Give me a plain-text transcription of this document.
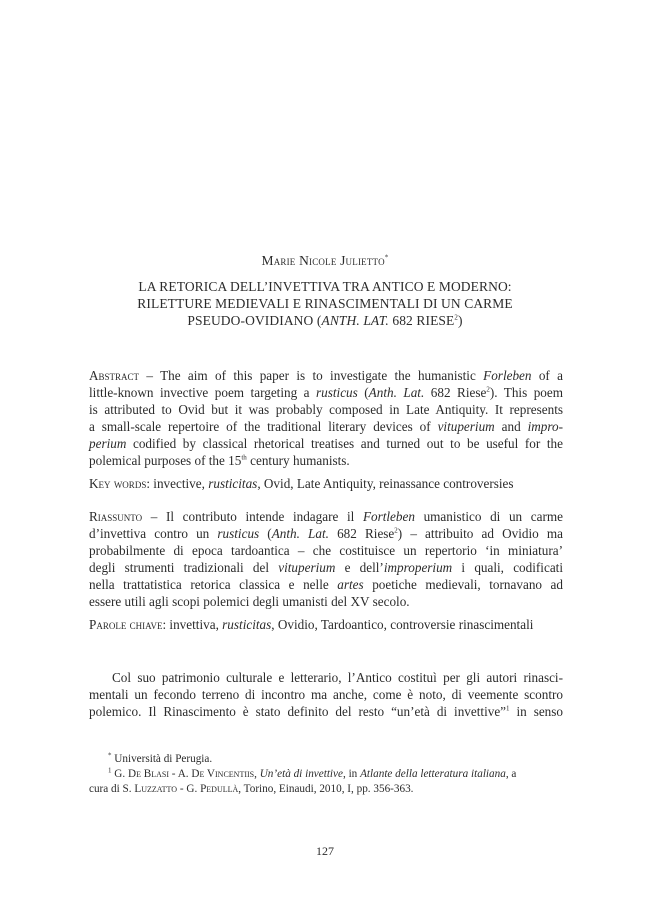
Marie Nicole Julietto*
LA RETORICA DELL’INVETTIVA TRA ANTICO E MODERNO:
RILETTURE MEDIEVALI E RINASCIMENTALI DI UN CARME
PSEUDO-OVIDIANO (ANTH. LAT. 682 RIESE$^2$)
Abstract – The aim of this paper is to investigate the humanistic Forleben of a
little-known invective poem targeting a rusticus (Anth. Lat. 682 Riese$^2$). This poem
is attributed to Ovid but it was probably composed in Late Antiquity. It represents
a small-scale repertoire of the traditional literary devices of vituperium and impro-
perium codified by classical rhetorical treatises and turned out to be useful for the
polemical purposes of the 15th century humanists.
Key words: invective, rusticitas, Ovid, Late Antiquity, reinassance controversies
Riassunto – Il contributo intende indagare il Fortleben umanistico di un carme
d’invettiva contro un rusticus (Anth. Lat. 682 Riese$^2$) – attribuito ad Ovidio ma
probabilmente di epoca tardoantica – che costituisce un repertorio ‘in miniatura’
degli strumenti tradizionali del vituperium e dell’improperium i quali, codificati
nella trattatistica retorica classica e nelle artes poetiche medievali, tornavano ad
essere utili agli scopi polemici degli umanisti del XV secolo.
Parole chiave: invettiva, rusticitas, Ovidio, Tardoantico, controversie rinascimentali
Col suo patrimonio culturale e letterario, l’Antico costituì per gli autori rinasci-
mentali un fecondo terreno di incontro ma anche, come è noto, di veemente scontro
polemico. Il Rinascimento è stato definito del resto “un’età di invettive”$^1$ in senso
* Università di Perugia.
$^1$ G. De Blasi - A. De Vincentiis, Un’età di invettive, in Atlante della letteratura italiana, a
cura di S. Luzzatto - G. Pedullà, Torino, Einaudi, 2010, I, pp. 356-363.
127
